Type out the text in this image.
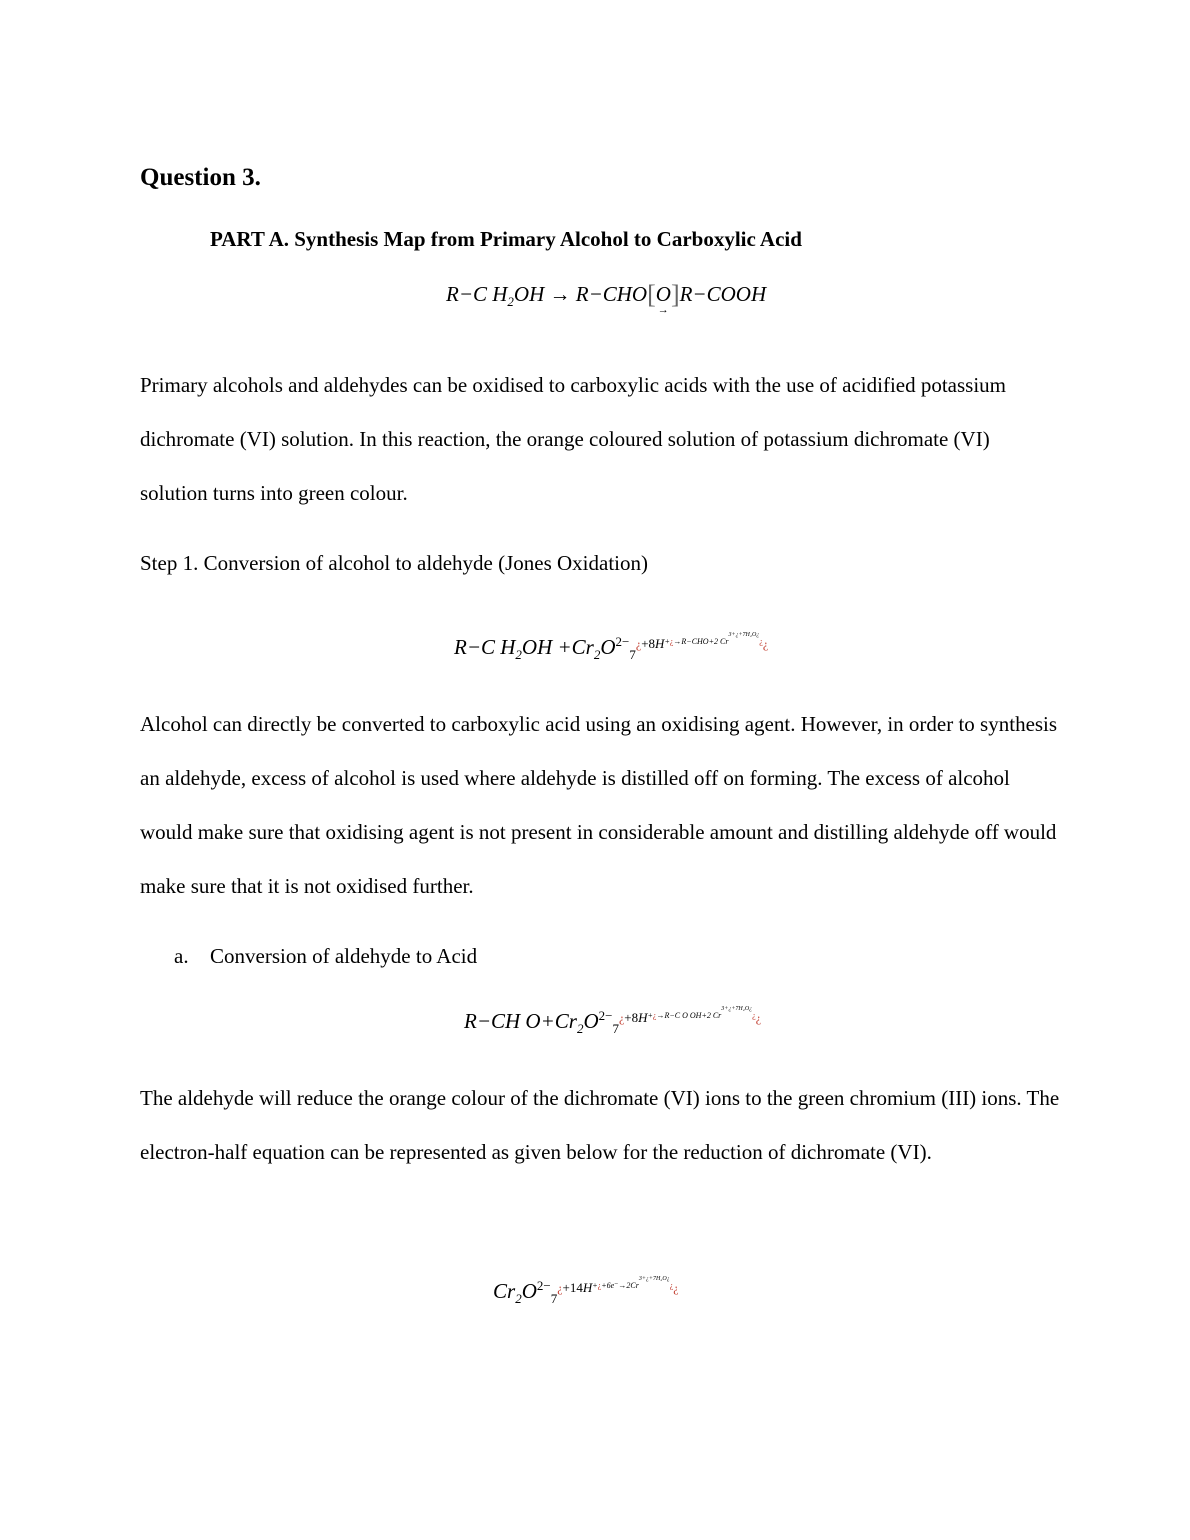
Question 3.
PART A. Synthesis Map from Primary Alcohol to Carboxylic Acid
R−C $H_2OH \to R-CHO[O$
→
]R−COOH

Primary alcohols and aldehydes can be oxidised to carboxylic acids with the use of acidified potassium dichromate (VI) solution. In this reaction, the orange coloured solution of potassium dichromate (VI) solution turns into green colour.

Step 1. Conversion of alcohol to aldehyde (Jones Oxidation)
R−C $H_2OH +Cr_2O^{2-}_7^{¿+8H+¿\to R-CHO+2 Cr3+¿+7H_2O¿¿¿}$

Alcohol can directly be converted to carboxylic acid using an oxidising agent. However, in order to synthesis an aldehyde, excess of alcohol is used where aldehyde is distilled off on forming. The excess of alcohol would make sure that oxidising agent is not present in considerable amount and distilling aldehyde off would make sure that it is not oxidised further.

a. Conversion of aldehyde to Acid
R−CH $O+Cr_2O^{2-}_7^{¿+8H+¿\to R-C O OH+2 Cr3+¿+7H_2O¿¿¿}$

The aldehyde will reduce the orange colour of the dichromate (VI) ions to the green chromium (III) ions. The electron-half equation can be represented as given below for the reduction of dichromate (VI).

$Cr_2O^{2-}_7^{¿+14H+¿+6e^-\to 2Cr3+¿+7H_2O¿¿¿}$
